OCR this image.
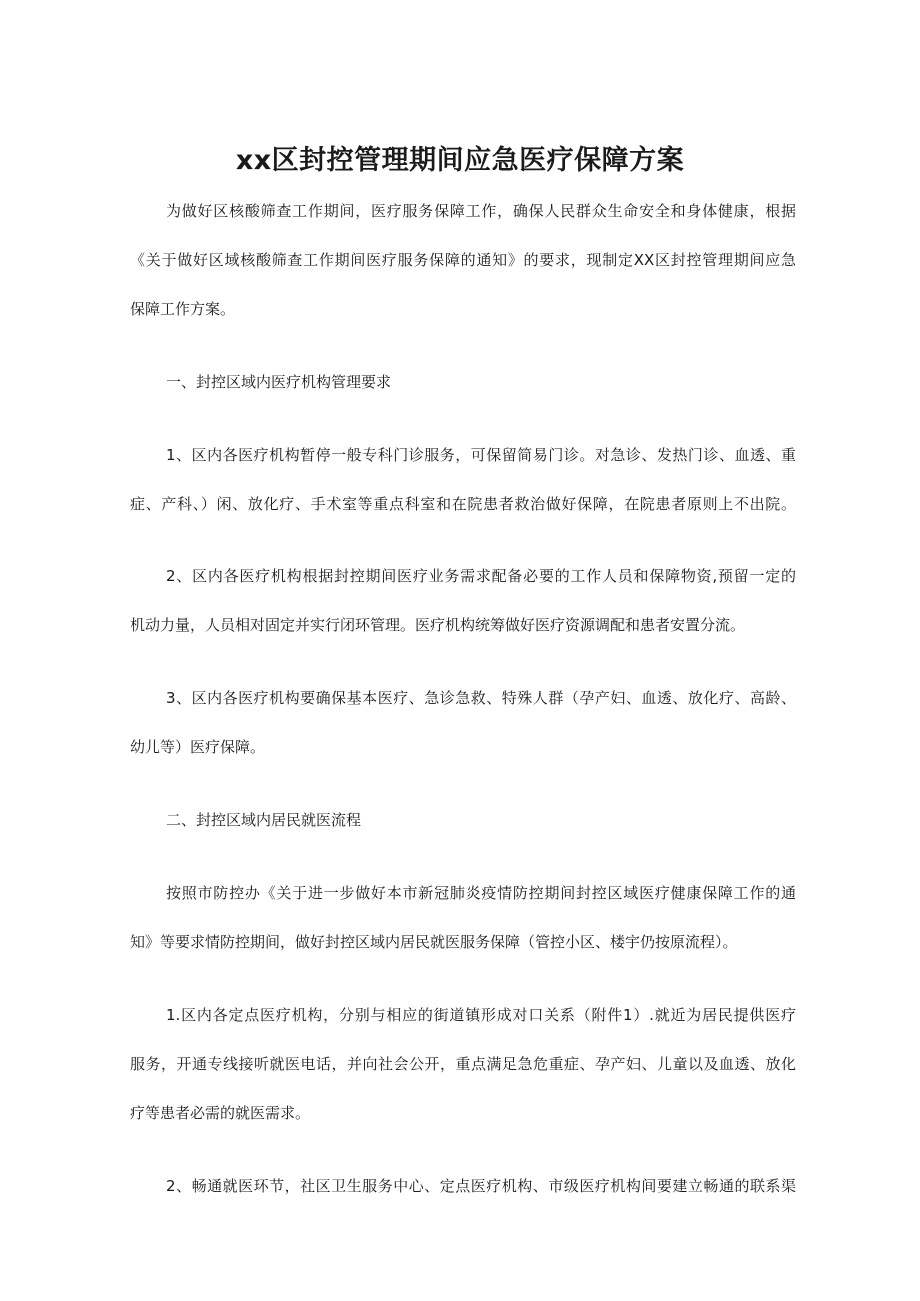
xx区封控管理期间应急医疗保障方案
为做好区核酸筛查工作期间，医疗服务保障工作，确保人民群众生命安全和身体健康，根据
《关于做好区域核酸筛查工作期间医疗服务保障的通知》的要求，现制定XX区封控管理期间应急
保障工作方案。
一、封控区域内医疗机构管理要求
1、区内各医疗机构暂停一般专科门诊服务，可保留简易门诊。对急诊、发热门诊、血透、重
症、产科、）闲、放化疗、手术室等重点科室和在院患者救治做好保障，在院患者原则上不出院。
2、区内各医疗机构根据封控期间医疗业务需求配备必要的工作人员和保障物资,预留一定的
机动力量，人员相对固定并实行闭环管理。医疗机构统筹做好医疗资源调配和患者安置分流。
3、区内各医疗机构要确保基本医疗、急诊急救、特殊人群（孕产妇、血透、放化疗、高龄、
幼儿等）医疗保障。
二、封控区域内居民就医流程
按照市防控办《关于进一步做好本市新冠肺炎疫情防控期间封控区域医疗健康保障工作的通
知》等要求情防控期间，做好封控区域内居民就医服务保障（管控小区、楼宇仍按原流程）。
1.区内各定点医疗机构，分别与相应的街道镇形成对口关系（附件1）.就近为居民提供医疗
服务，开通专线接听就医电话，并向社会公开，重点满足急危重症、孕产妇、儿童以及血透、放化
疗等患者必需的就医需求。
2、畅通就医环节，社区卫生服务中心、定点医疗机构、市级医疗机构间要建立畅通的联系渠
